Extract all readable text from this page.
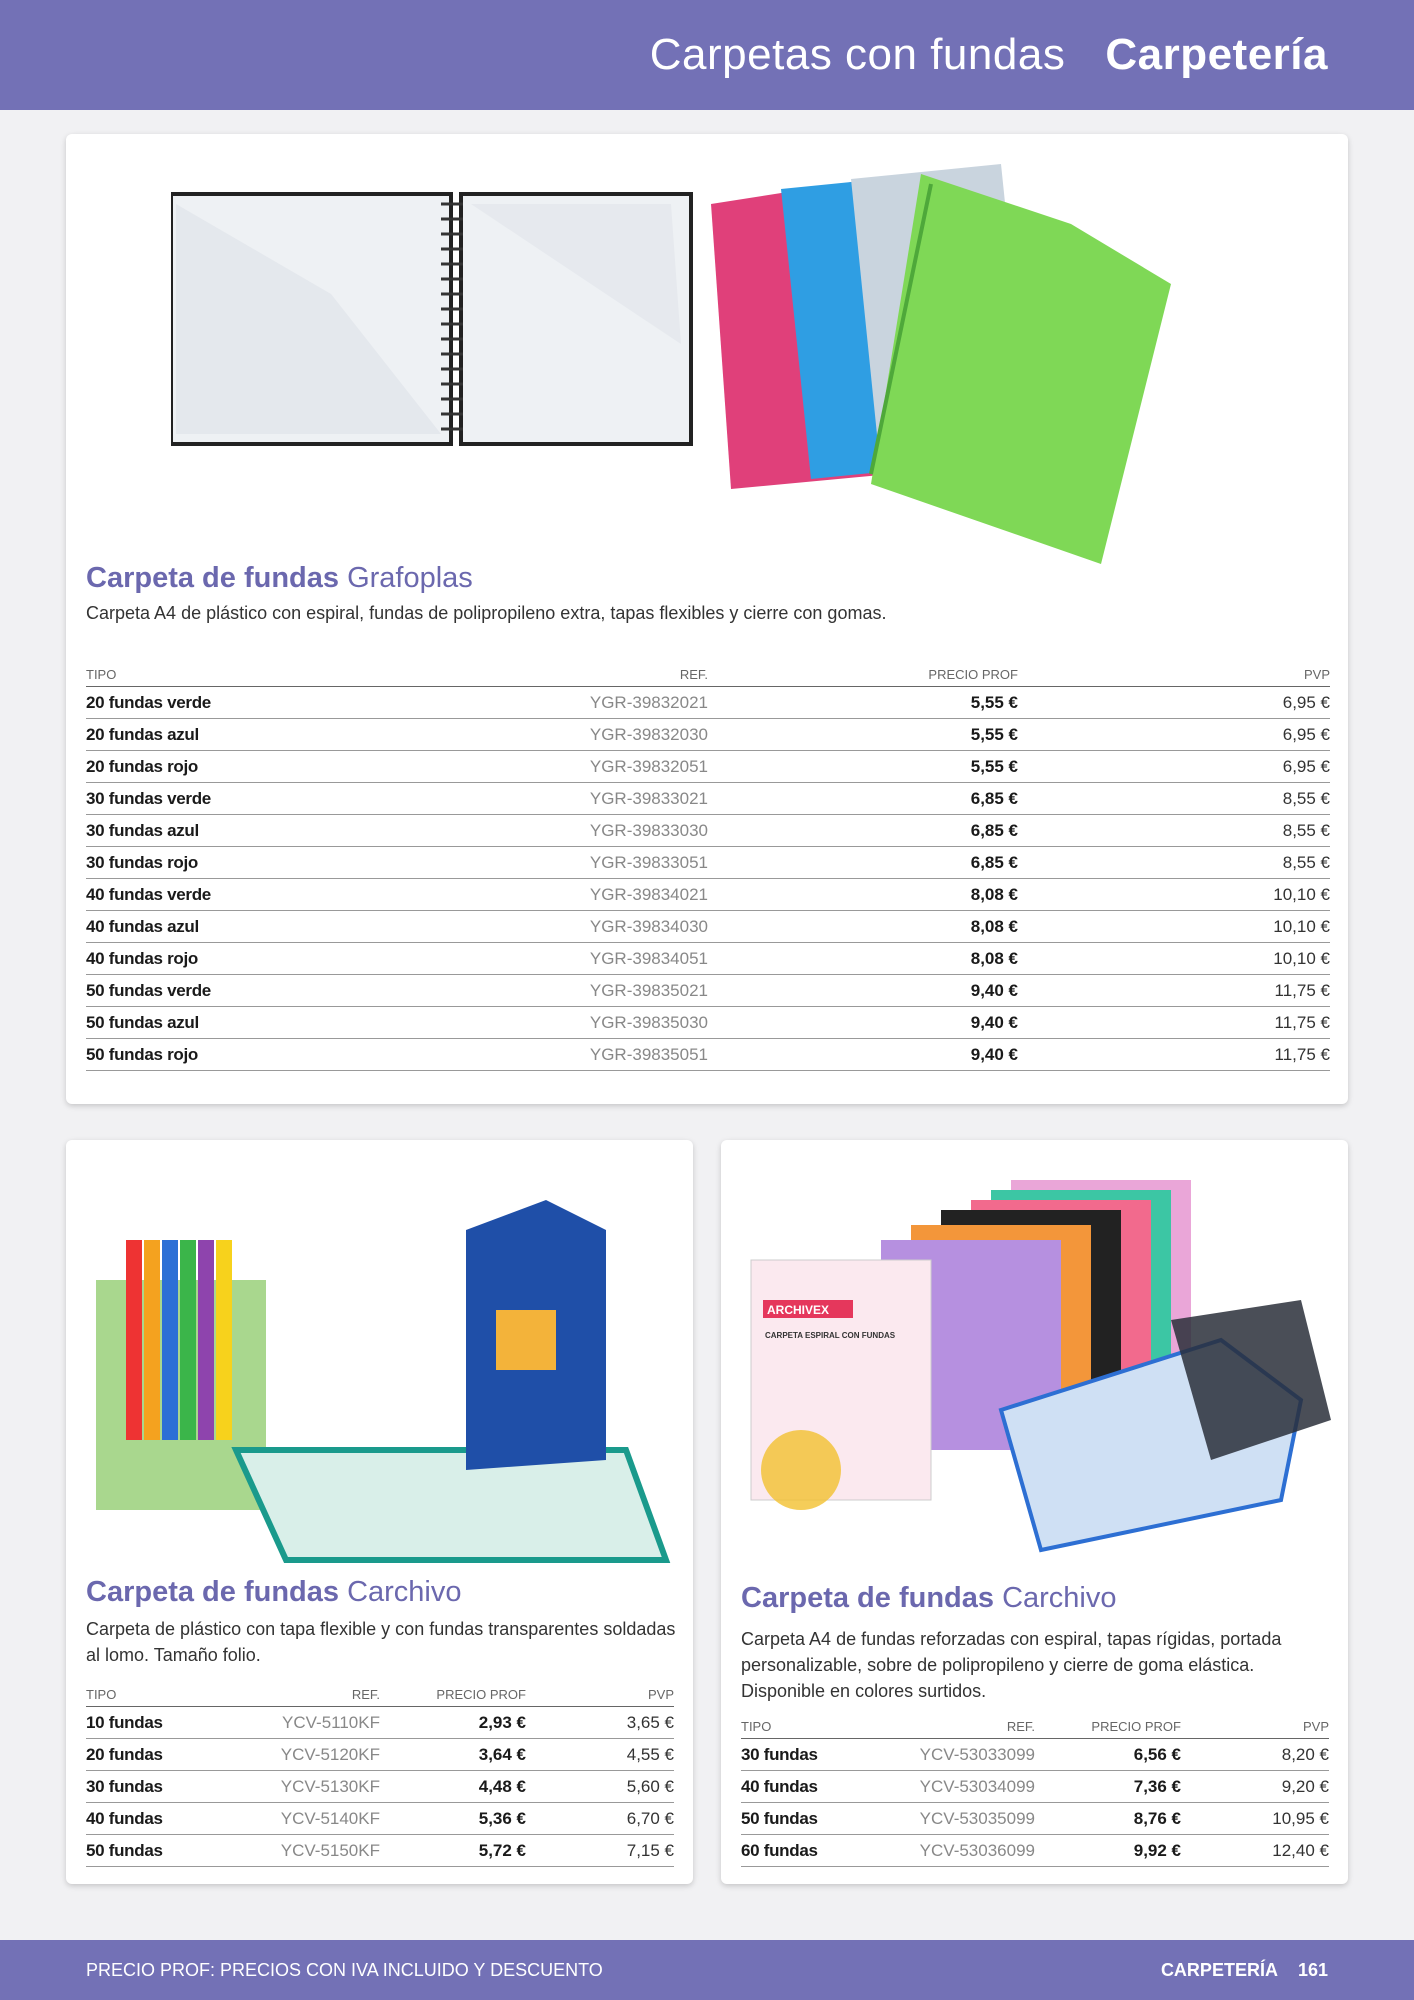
Carpetas con fundas Carpetería
Carpeta de fundas Grafoplas
Carpeta A4 de plástico con espiral, fundas de polipropileno extra, tapas flexibles y cierre con gomas.
TIPO	REF.	PRECIO PROF	PVP
20 fundas verde	YGR-39832021	5,55 €	6,95 €
20 fundas azul	YGR-39832030	5,55 €	6,95 €
20 fundas rojo	YGR-39832051	5,55 €	6,95 €
30 fundas verde	YGR-39833021	6,85 €	8,55 €
30 fundas azul	YGR-39833030	6,85 €	8,55 €
30 fundas rojo	YGR-39833051	6,85 €	8,55 €
40 fundas verde	YGR-39834021	8,08 €	10,10 €
40 fundas azul	YGR-39834030	8,08 €	10,10 €
40 fundas rojo	YGR-39834051	8,08 €	10,10 €
50 fundas verde	YGR-39835021	9,40 €	11,75 €
50 fundas azul	YGR-39835030	9,40 €	11,75 €
50 fundas rojo	YGR-39835051	9,40 €	11,75 €
Carpeta de fundas Carchivo
Carpeta de plástico con tapa flexible y con fundas transparentes soldadas al lomo. Tamaño folio.
TIPO	REF.	PRECIO PROF	PVP
10 fundas	YCV-5110KF	2,93 €	3,65 €
20 fundas	YCV-5120KF	3,64 €	4,55 €
30 fundas	YCV-5130KF	4,48 €	5,60 €
40 fundas	YCV-5140KF	5,36 €	6,70 €
50 fundas	YCV-5150KF	5,72 €	7,15 €
ARCHIVEX
CARPETA ESPIRAL CON FUNDAS
Carpeta de fundas Carchivo
Carpeta A4 de fundas reforzadas con espiral, tapas rígidas, portada personalizable, sobre de polipropileno y cierre de goma elástica. Disponible en colores surtidos.
TIPO	REF.	PRECIO PROF	PVP
30 fundas	YCV-53033099	6,56 €	8,20 €
40 fundas	YCV-53034099	7,36 €	9,20 €
50 fundas	YCV-53035099	8,76 €	10,95 €
60 fundas	YCV-53036099	9,92 €	12,40 €
PRECIO PROF: PRECIOS CON IVA INCLUIDO Y DESCUENTO	CARPETERÍA 161
